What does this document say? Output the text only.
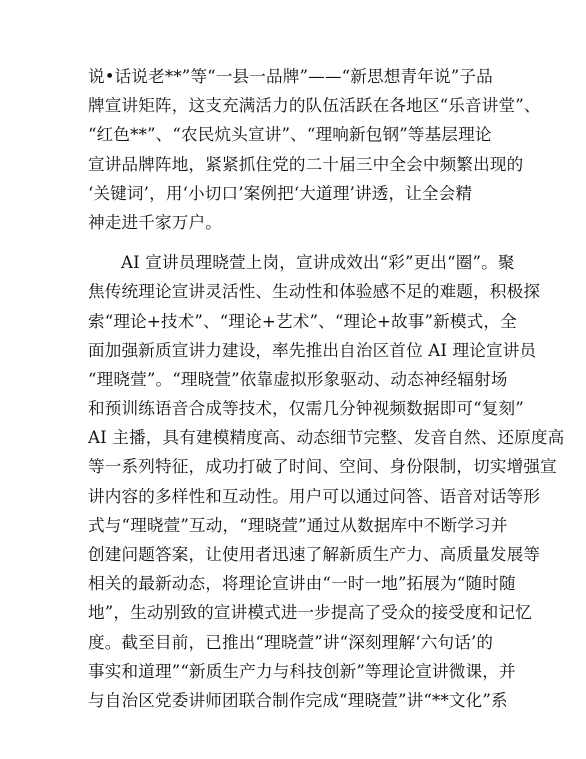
说•话说老**”等“一县一品牌”——“新思想青年说”子品
牌宣讲矩阵，这支充满活力的队伍活跃在各地区“乐音讲堂”、
“红色**”、“农民炕头宣讲”、“理响新包钢”等基层理论
宣讲品牌阵地，紧紧抓住党的二十届三中全会中频繁出现的
‘关键词’，用‘小切口’案例把‘大道理’讲透，让全会精
神走进千家万户。
AI 宣讲员理晓萱上岗，宣讲成效出“彩”更出“圈”。聚
焦传统理论宣讲灵活性、生动性和体验感不足的难题，积极探
索“理论+技术”、“理论+艺术”、“理论+故事”新模式，全
面加强新质宣讲力建设，率先推出自治区首位 AI 理论宣讲员
“理晓萱”。“理晓萱”依靠虚拟形象驱动、动态神经辐射场
和预训练语音合成等技术，仅需几分钟视频数据即可“复刻”
AI 主播，具有建模精度高、动态细节完整、发音自然、还原度高
等一系列特征，成功打破了时间、空间、身份限制，切实增强宣
讲内容的多样性和互动性。用户可以通过问答、语音对话等形
式与“理晓萱”互动，“理晓萱”通过从数据库中不断学习并
创建问题答案，让使用者迅速了解新质生产力、高质量发展等
相关的最新动态，将理论宣讲由“一时一地”拓展为“随时随
地”，生动别致的宣讲模式进一步提高了受众的接受度和记忆
度。截至目前，已推出“理晓萱”讲“深刻理解‘六句话’的
事实和道理”“新质生产力与科技创新”等理论宣讲微课，并
与自治区党委讲师团联合制作完成“理晓萱”讲“**文化”系
